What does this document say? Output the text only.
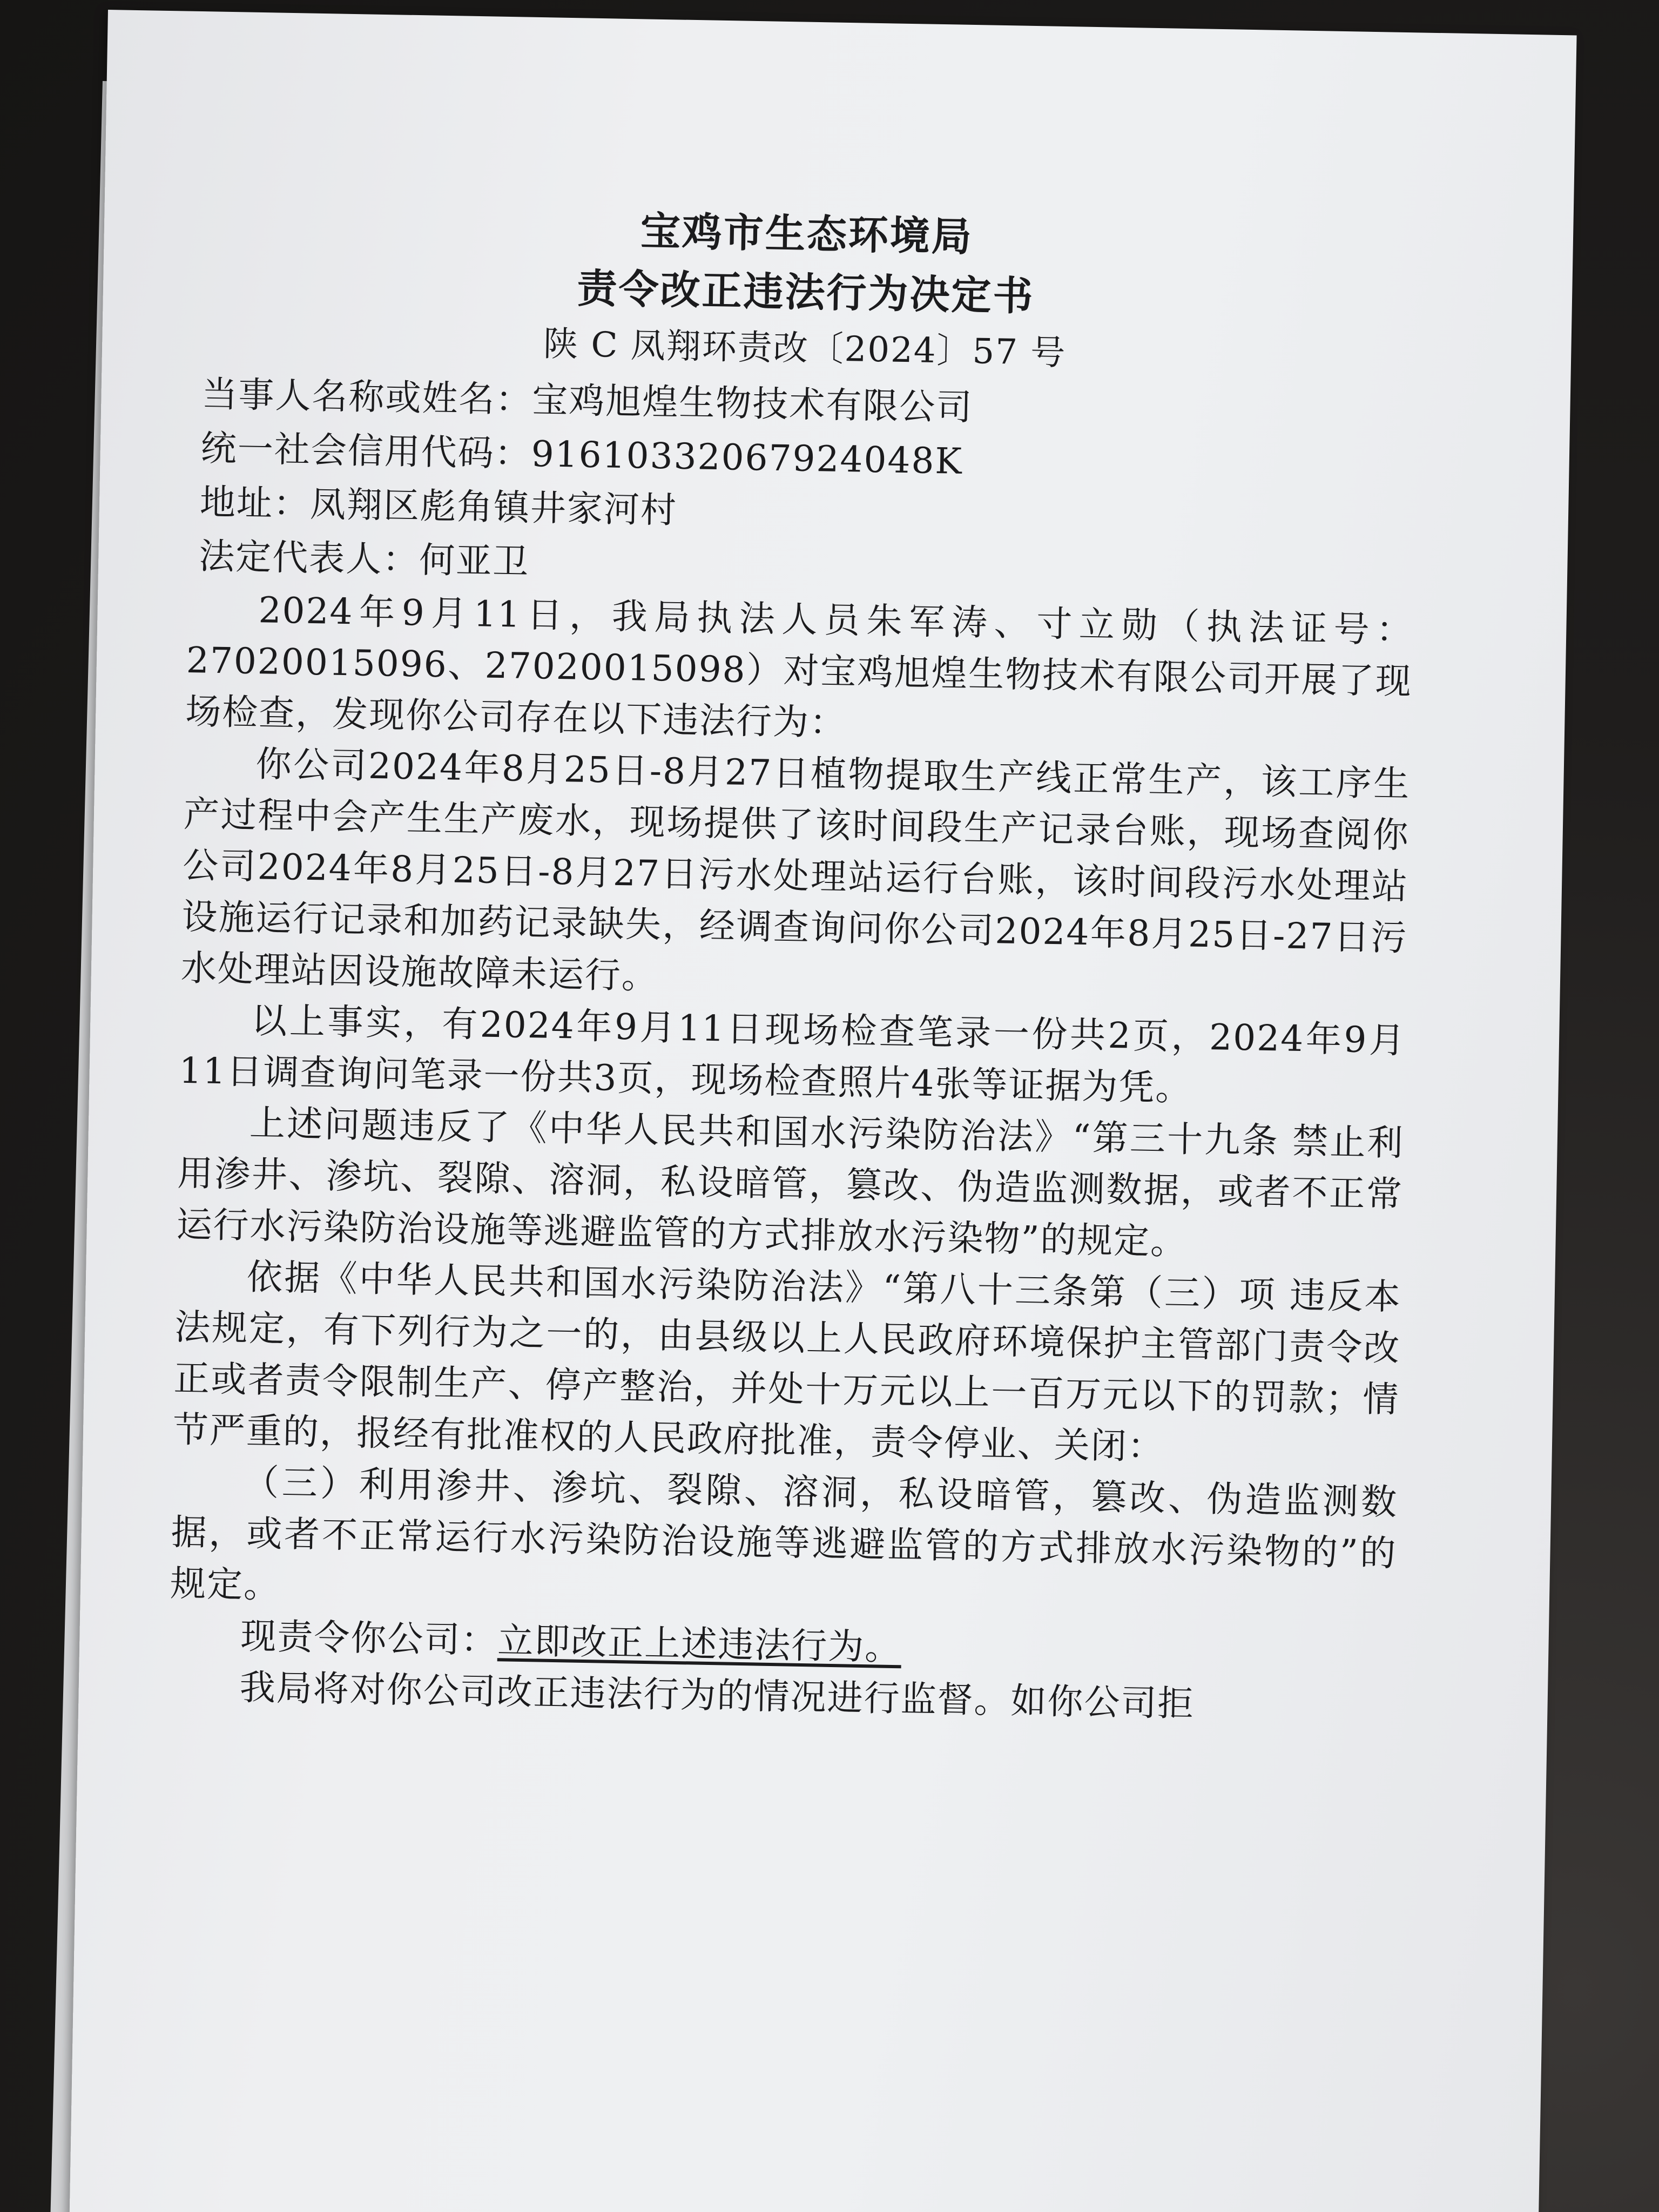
宝鸡市生态环境局

责令改正违法行为决定书

陕 C 凤翔环责改〔2024〕57 号

当事人名称或姓名：宝鸡旭煌生物技术有限公司

统一社会信用代码：91610332067924048K

地址：凤翔区彪角镇井家河村

法定代表人：何亚卫

2024年9月11日，我局执法人员朱军涛、寸立勋（执法证号：27020015096、27020015098）对宝鸡旭煌生物技术有限公司开展了现场检查，发现你公司存在以下违法行为：

你公司2024年8月25日-8月27日植物提取生产线正常生产，该工序生产过程中会产生生产废水，现场提供了该时间段生产记录台账，现场查阅你公司2024年8月25日-8月27日污水处理站运行台账，该时间段污水处理站设施运行记录和加药记录缺失，经调查询问你公司2024年8月25日-27日污水处理站因设施故障未运行。

以上事实，有2024年9月11日现场检查笔录一份共2页，2024年9月11日调查询问笔录一份共3页，现场检查照片4张等证据为凭。

上述问题违反了《中华人民共和国水污染防治法》“第三十九条 禁止利用渗井、渗坑、裂隙、溶洞，私设暗管，篡改、伪造监测数据，或者不正常运行水污染防治设施等逃避监管的方式排放水污染物”的规定。

依据《中华人民共和国水污染防治法》“第八十三条第（三）项 违反本法规定，有下列行为之一的，由县级以上人民政府环境保护主管部门责令改正或者责令限制生产、停产整治，并处十万元以上一百万元以下的罚款；情节严重的，报经有批准权的人民政府批准，责令停业、关闭：

（三）利用渗井、渗坑、裂隙、溶洞，私设暗管，篡改、伪造监测数据，或者不正常运行水污染防治设施等逃避监管的方式排放水污染物的”的规定。

现责令你公司：立即改正上述违法行为。

我局将对你公司改正违法行为的情况进行监督。如你公司拒
